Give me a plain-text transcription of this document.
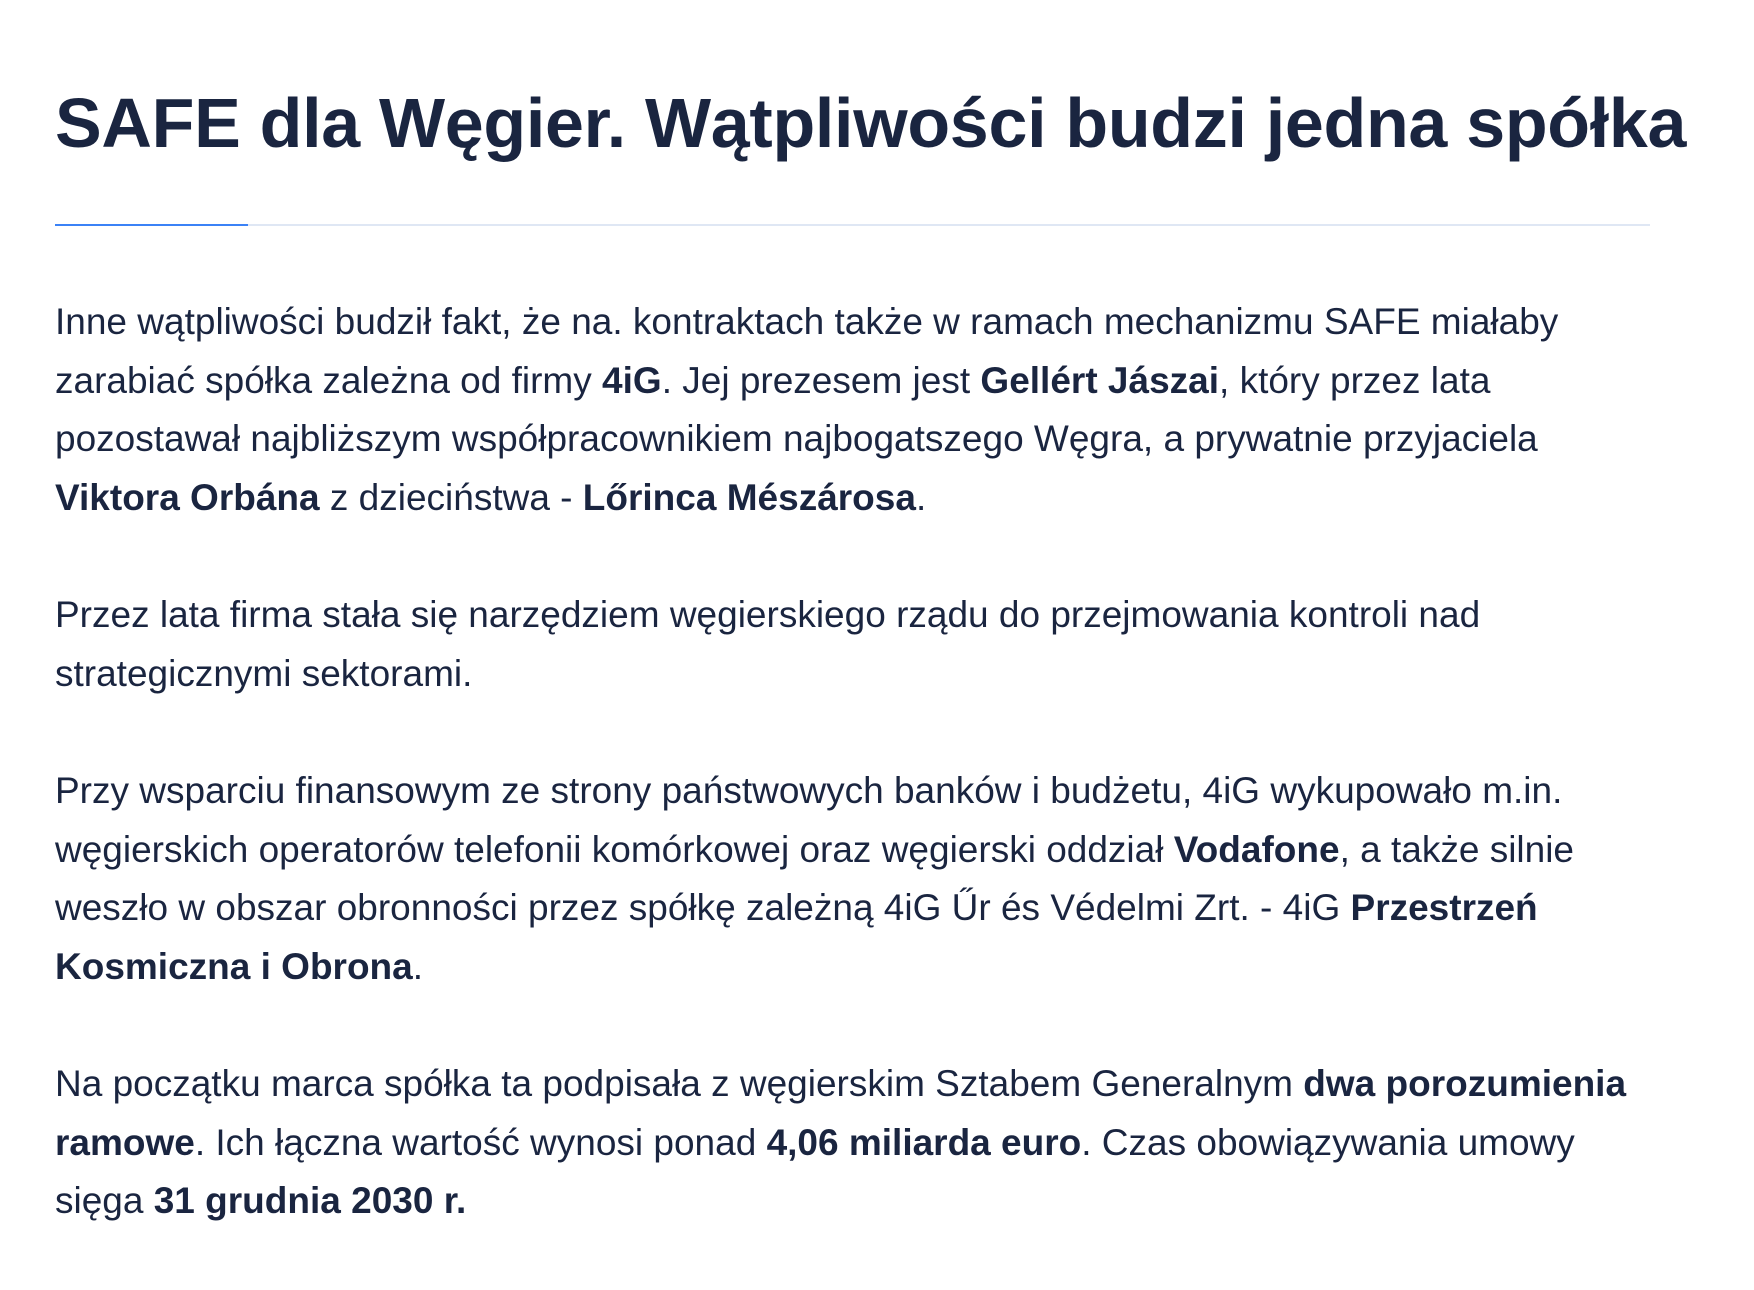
SAFE dla Węgier. Wątpliwości budzi jedna spółka

Inne wątpliwości budził fakt, że na. kontraktach także w ramach mechanizmu SAFE miałaby zarabiać spółka zależna od firmy 4iG. Jej prezesem jest Gellért Jászai, który przez lata pozostawał najbliższym współpracownikiem najbogatszego Węgra, a prywatnie przyjaciela Viktora Orbána z dzieciństwa - Lőrinca Mészárosa.

Przez lata firma stała się narzędziem węgierskiego rządu do przejmowania kontroli nad strategicznymi sektorami.

Przy wsparciu finansowym ze strony państwowych banków i budżetu, 4iG wykupowało m.in. węgierskich operatorów telefonii komórkowej oraz węgierski oddział Vodafone, a także silnie weszło w obszar obronności przez spółkę zależną 4iG Űr és Védelmi Zrt. - 4iG Przestrzeń Kosmiczna i Obrona.

Na początku marca spółka ta podpisała z węgierskim Sztabem Generalnym dwa porozumienia ramowe. Ich łączna wartość wynosi ponad 4,06 miliarda euro. Czas obowiązywania umowy sięga 31 grudnia 2030 r.
